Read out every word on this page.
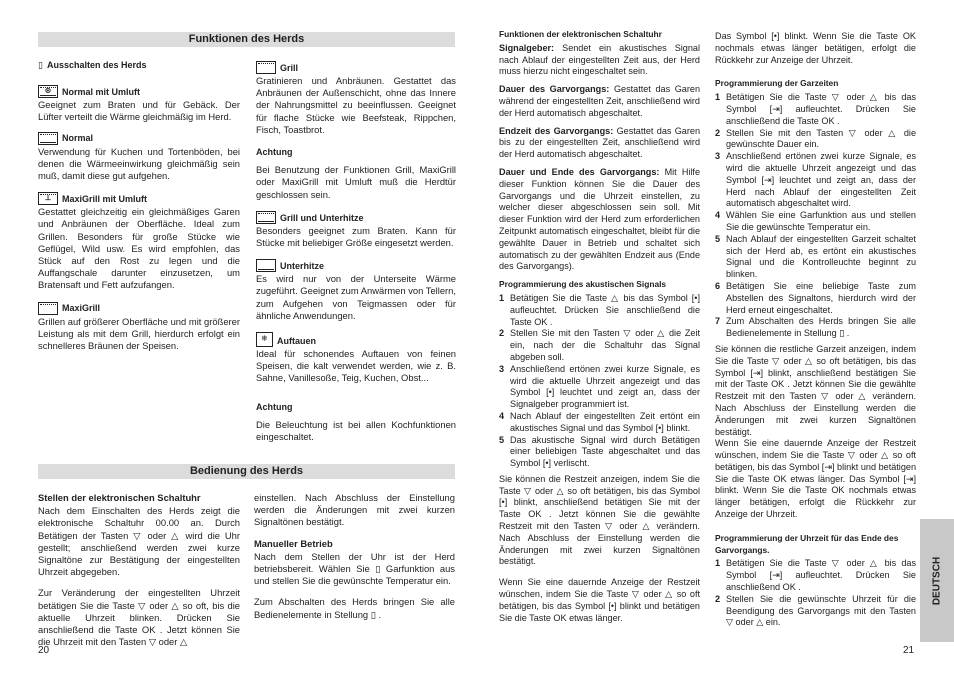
Funktionen des Herds
▯ Ausschalten des Herds
⊛	Normal mit Umluft
Geeignet zum Braten und für Gebäck. Der Lüfter verteilt die Wärme gleichmäßig im Herd.
Normal
Verwendung für Kuchen und Tortenböden, bei denen die Wärmeeinwirkung gleichmäßig sein muß, damit diese gut aufgehen.
⟂	MaxiGrill mit Umluft
Gestattet gleichzeitig ein gleichmäßiges Garen und Anbräunen der Oberfläche. Ideal zum Grillen. Besonders für große Stücke wie Geflügel, Wild usw. Es wird empfohlen, das Stück auf den Rost zu legen und die Auffangschale darunter einzusetzen, um Bratensaft und Fett aufzufangen.
MaxiGrill
Grillen auf größerer Oberfläche und mit größerer Leistung als mit dem Grill, hierdurch erfolgt ein schnelleres Bräunen der Speisen.
Grill
Gratinieren und Anbräunen. Gestattet das Anbräunen der Außenschicht, ohne das Innere der Nahrungsmittel zu beeinflussen. Geeignet für flache Stücke wie Beefsteak, Rippchen, Fisch, Toastbrot.
Achtung
Bei Benutzung der Funktionen Grill, MaxiGrill oder MaxiGrill mit Umluft muß die Herdtür geschlossen sein.
Grill und Unterhitze
Besonders geeignet zum Braten. Kann für Stücke mit beliebiger Größe eingesetzt werden.
Unterhitze
Es wird nur von der Unterseite Wärme zugeführt. Geeignet zum Anwärmen von Tellern, zum Aufgehen von Teigmassen oder für ähnliche Anwendungen.
❄	Auftauen
Ideal für schonendes Auftauen von feinen Speisen, die kalt verwendet werden, wie z. B. Sahne, Vanillesoße, Teig, Kuchen, Obst...
Achtung
Die Beleuchtung ist bei allen Kochfunktionen eingeschaltet.
Bedienung des Herds
Stellen der elektronischen Schaltuhr

Nach dem Einschalten des Herds zeigt die elektronische Schaltuhr 00.00 an. Durch Betätigen der Tasten ▽ oder △ wird die Uhr gestellt; anschließend werden zwei kurze Signaltöne zur Bestätigung der eingestellten Uhrzeit abgegeben.

Zur Veränderung der eingestellten Uhrzeit betätigen Sie die Taste ▽ oder △ so oft, bis die aktuelle Uhrzeit blinken. Drücken Sie anschließend die Taste OK . Jetzt können Sie die Uhrzeit mit den Tasten ▽ oder △

einstellen. Nach Abschluss der Einstellung werden die Änderungen mit zwei kurzen Signaltönen bestätigt.

Manueller Betrieb

Nach dem Stellen der Uhr ist der Herd betriebsbereit. Wählen Sie ▯ Garfunktion aus und stellen Sie die gewünschte Temperatur ein.

Zum Abschalten des Herds bringen Sie alle Bedienelemente in Stellung ▯ .

20
Funktionen der elektronischen Schaltuhr

Signalgeber: Sendet ein akustisches Signal nach Ablauf der eingestellten Zeit aus, der Herd muss hierzu nicht eingeschaltet sein.

Dauer des Garvorgangs: Gestattet das Garen während der eingestellten Zeit, anschließend wird der Herd automatisch abgeschaltet.

Endzeit des Garvorgangs: Gestattet das Garen bis zu der eingestellten Zeit, anschließend wird der Herd automatisch abgeschaltet.

Dauer und Ende des Garvorgangs: Mit Hilfe dieser Funktion können Sie die Dauer des Garvorgangs und die Uhrzeit einstellen, zu welcher dieser abgeschlossen sein soll. Mit dieser Funktion wird der Herd zum erforderlichen Zeitpunkt automatisch eingeschaltet, bleibt für die gewählte Dauer in Betrieb und schaltet sich automatisch zu der gewählten Endzeit aus (Ende des Garvorgangs).

Programmierung des akustischen Signals
1 Betätigen Sie die Taste △ bis das Symbol [•] aufleuchtet. Drücken Sie anschließend die Taste OK .
2 Stellen Sie mit den Tasten ▽ oder △ die Zeit ein, nach der die Schaltuhr das Signal abgeben soll.
3 Anschließend ertönen zwei kurze Signale, es wird die aktuelle Uhrzeit angezeigt und das Symbol [•] leuchtet und zeigt an, dass der Signalgeber programmiert ist.
4 Nach Ablauf der eingestellten Zeit ertönt ein akustisches Signal und das Symbol [•] blinkt.
5 Das akustische Signal wird durch Betätigen einer beliebigen Taste abgeschaltet und das Symbol [•] verlischt.

Sie können die Restzeit anzeigen, indem Sie die Taste ▽ oder △ so oft betätigen, bis das Symbol [•] blinkt, anschließend betätigen Sie mit der Taste OK . Jetzt können Sie die gewählte Restzeit mit den Tasten ▽ oder △ verändern. Nach Abschluss der Einstellung werden die Änderungen mit zwei kurzen Signaltönen bestätigt.

Wenn Sie eine dauernde Anzeige der Restzeit wünschen, indem Sie die Taste ▽ oder △ so oft betätigen, bis das Symbol [•] blinkt und betätigen Sie die Taste OK etwas länger.

Das Symbol [•] blinkt. Wenn Sie die Taste OK nochmals etwas länger betätigen, erfolgt die Rückkehr zur Anzeige der Uhrzeit.

Programmierung der Garzeiten
1 Betätigen Sie die Taste ▽ oder △ bis das Symbol [⇥] aufleuchtet. Drücken Sie anschließend die Taste OK .
2 Stellen Sie mit den Tasten ▽ oder △ die gewünschte Dauer ein.
3 Anschließend ertönen zwei kurze Signale, es wird die aktuelle Uhrzeit angezeigt und das Symbol [⇥] leuchtet und zeigt an, dass der Herd nach Ablauf der eingestellten Zeit automatisch abgeschaltet wird.
4 Wählen Sie eine Garfunktion aus und stellen Sie die gewünschte Temperatur ein.
5 Nach Ablauf der eingestellten Garzeit schaltet sich der Herd ab, es ertönt ein akustisches Signal und die Kontrolleuchte beginnt zu blinken.
6 Betätigen Sie eine beliebige Taste zum Abstellen des Signaltons, hierdurch wird der Herd erneut eingeschaltet.
7 Zum Abschalten des Herds bringen Sie alle Bedienelemente in Stellung ▯ .

Sie können die restliche Garzeit anzeigen, indem Sie die Taste ▽ oder △ so oft betätigen, bis das Symbol [⇥] blinkt, anschließend bestätigen Sie mit der Taste OK . Jetzt können Sie die gewählte Restzeit mit den Tasten ▽ oder △ verändern. Nach Abschluss der Einstellung werden die Änderungen mit zwei kurzen Signaltönen bestätigt.

Wenn Sie eine dauernde Anzeige der Restzeit wünschen, indem Sie die Taste ▽ oder △ so oft betätigen, bis das Symbol [⇥] blinkt und betätigen Sie die Taste OK etwas länger. Das Symbol [⇥] blinkt. Wenn Sie die Taste OK nochmals etwas länger betätigen, erfolgt die Rückkehr zur Anzeige der Uhrzeit.

Programmierung der Uhrzeit für das Ende des Garvorgangs.
1 Betätigen Sie die Taste ▽ oder △ bis das Symbol [⇥] aufleuchtet. Drücken Sie anschließend OK .
2 Stellen Sie die gewünschte Uhrzeit für die Beendigung des Garvorgangs mit den Tasten ▽ oder △ ein.
DEUTSCH
21
